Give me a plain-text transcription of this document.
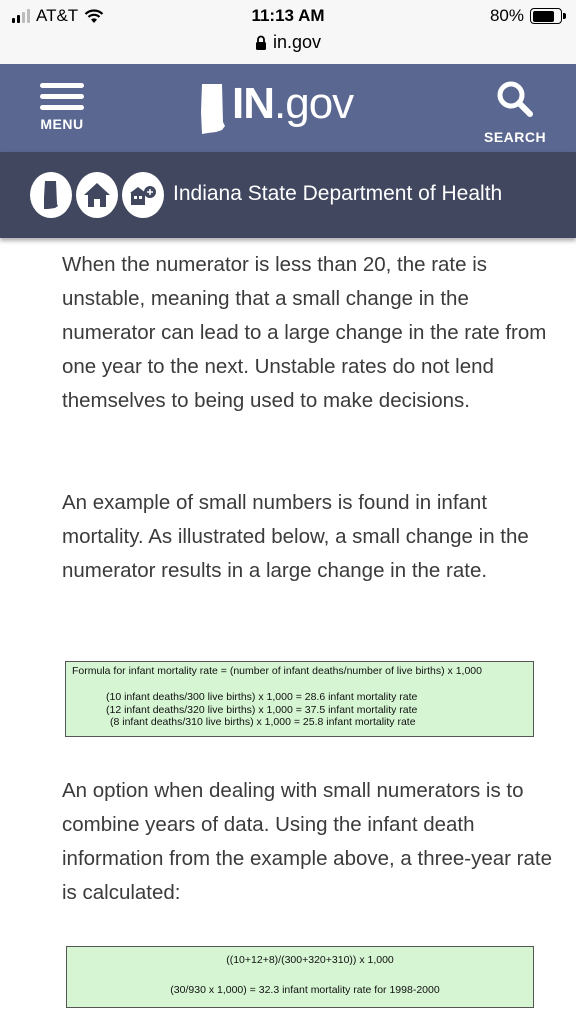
AT&T	11:13 AM
in.gov
80%
MENU	IN.gov
SEARCH
Indiana State Department of Health

When the numerator is less than 20, the rate is unstable, meaning that a small change in the numerator can lead to a large change in the rate from one year to the next. Unstable rates do not lend themselves to being used to make decisions.

An example of small numbers is found in infant mortality. As illustrated below, a small change in the numerator results in a large change in the rate.

An option when dealing with small numerators is to combine years of data. Using the infant death information from the example above, a three-year rate is calculated:

Formula for infant mortality rate = (number of infant deaths/number of live births) x 1,000
(10 infant deaths/300 live births) x 1,000 = 28.6 infant mortality rate
(12 infant deaths/320 live births) x 1,000 = 37.5 infant mortality rate
(8 infant deaths/310 live births) x 1,000 = 25.8 infant mortality rate
((10+12+8)/(300+320+310)) x 1,000
(30/930 x 1,000) = 32.3 infant mortality rate for 1998-2000
